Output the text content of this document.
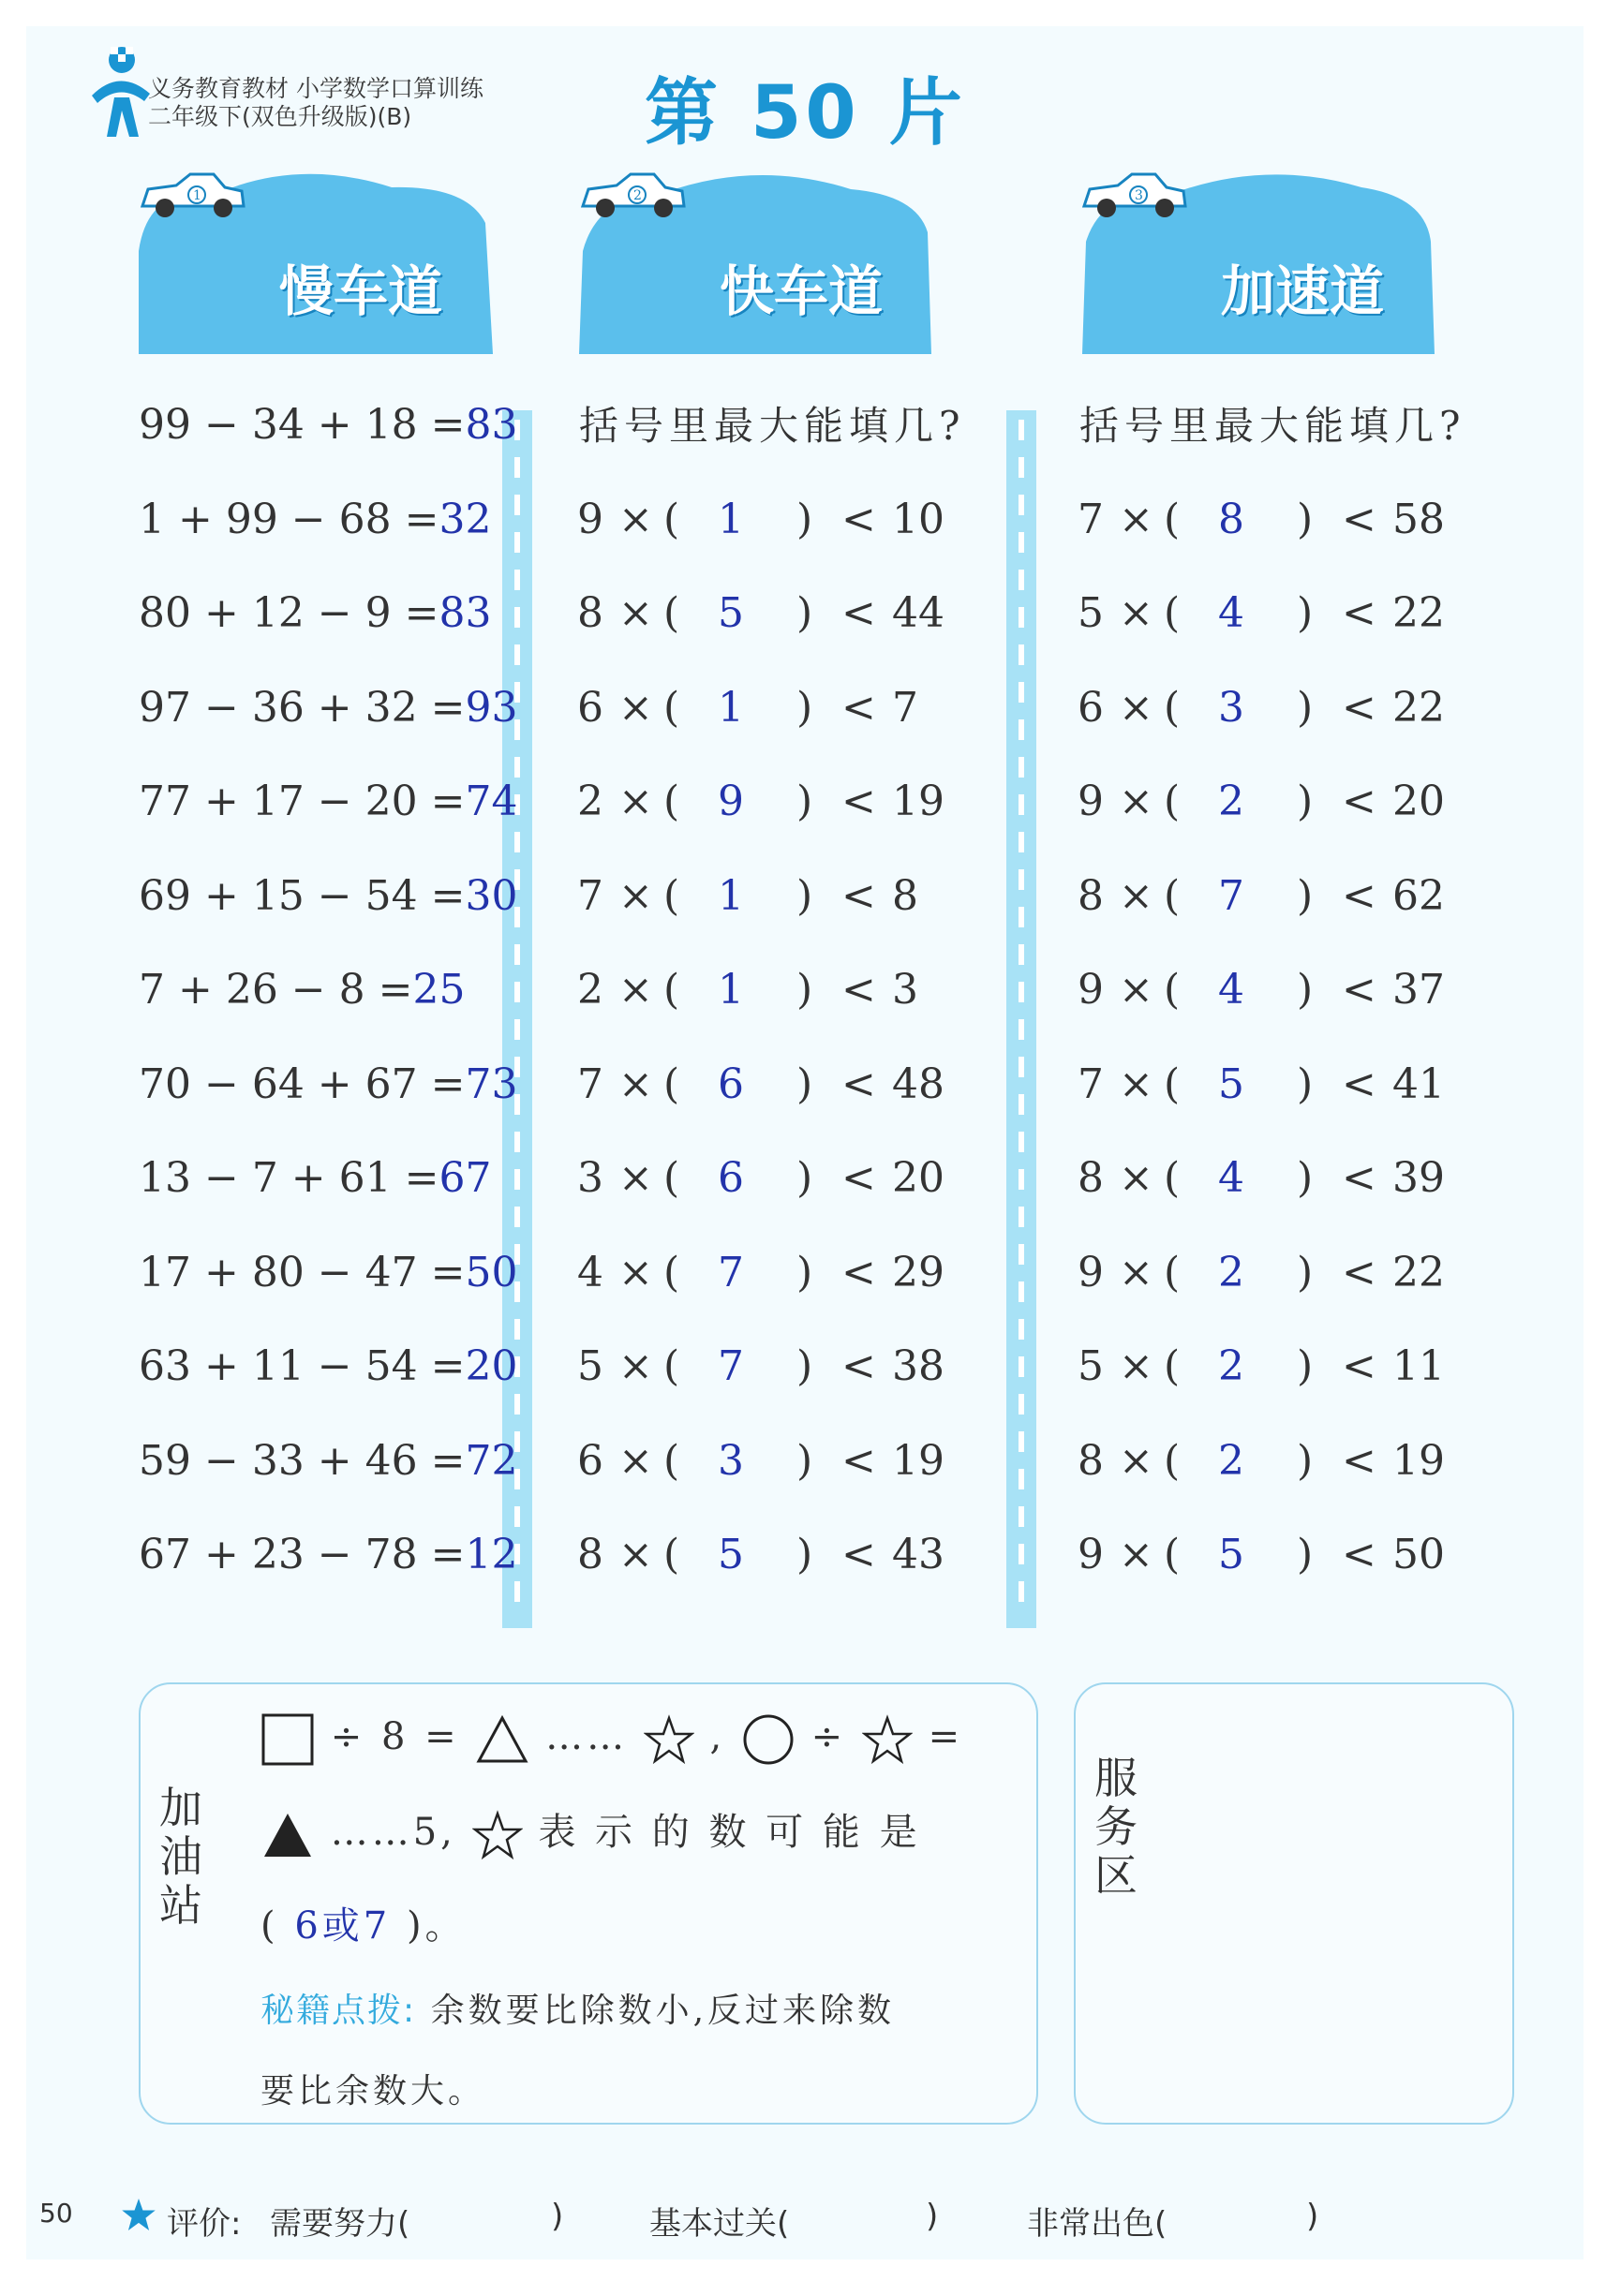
义务教育教材 小学数学口算训练
二年级下(双色升级版)(B)	第 50 片
1
慢车道
2
快车道
3
加速道
99 − 34 + 18 =83
1 + 99 − 68 =32
80 + 12 − 9 =83
97 − 36 + 32 =93
77 + 17 − 20 =74
69 + 15 − 54 =30
7 + 26 − 8 =25
70 − 64 + 67 =73
13 − 7 + 61 =67
17 + 80 − 47 =50
63 + 11 − 54 =20
59 − 33 + 46 =72
67 + 23 − 78 =12
括号里最大能填几?
9 × ( 1 ) < 10
8 × ( 5 ) < 44
6 × ( 1 ) < 7
2 × ( 9 ) < 19
7 × ( 1 ) < 8
2 × ( 1 ) < 3
7 × ( 6 ) < 48
3 × ( 6 ) < 20
4 × ( 7 ) < 29
5 × ( 7 ) < 38
6 × ( 3 ) < 19
8 × ( 5 ) < 43
括号里最大能填几?
7 × ( 8 ) < 58
5 × ( 4 ) < 22
6 × ( 3 ) < 22
9 × ( 2 ) < 20
8 × ( 7 ) < 62
9 × ( 4 ) < 37
7 × ( 5 ) < 41
8 × ( 4 ) < 39
9 × ( 2 ) < 22
5 × ( 2 ) < 11
8 × ( 2 ) < 19
9 × ( 5 ) < 50
加油站
÷ 8 = …… , ÷ =
……5, 表 示 的 数 可 能 是
( 6或7 )。
秘籍点拨: 余数要比除数小,反过来除数
要比余数大。
服务区
50	评价: 需要努力(	)	基本过关(	)	非常出色(	)
